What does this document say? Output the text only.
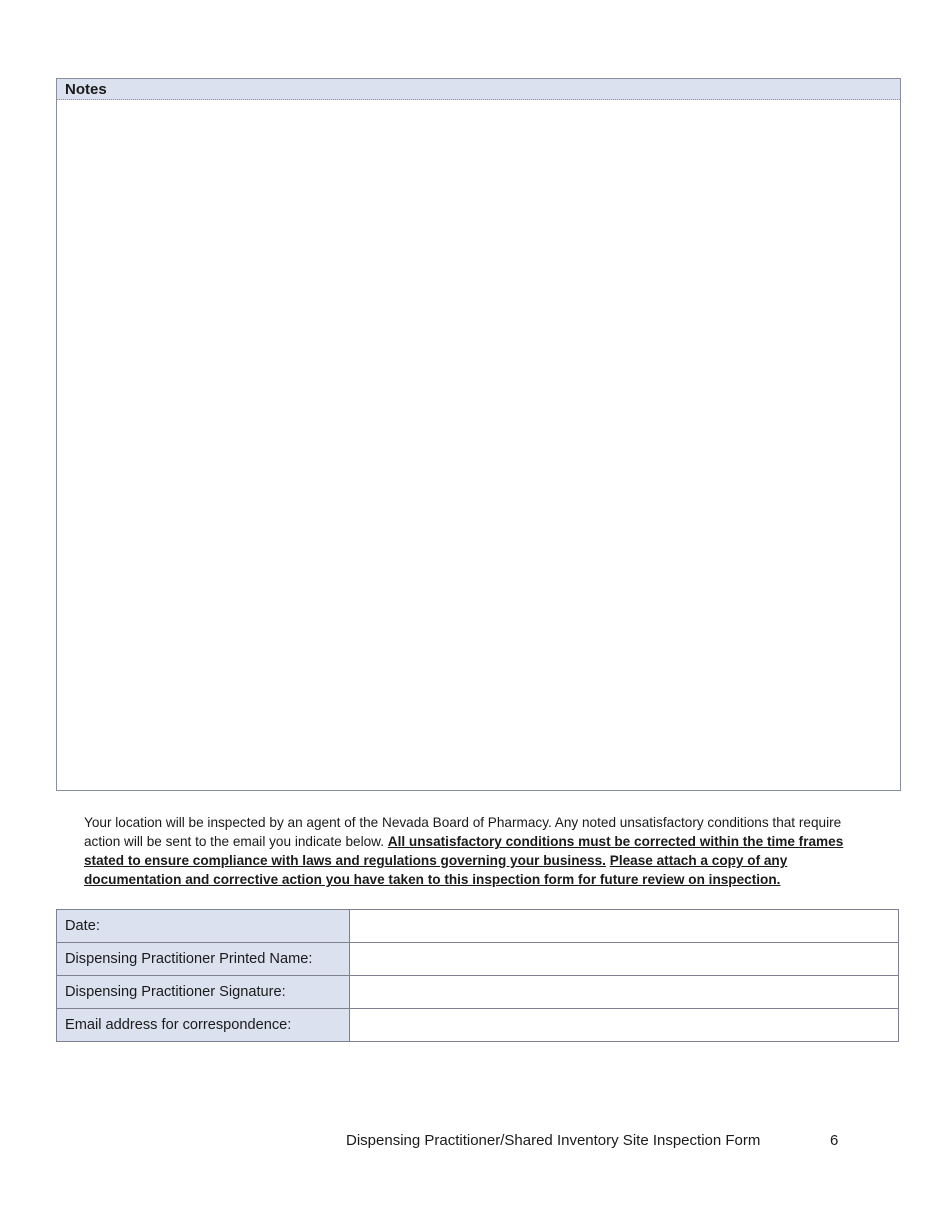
Notes
Your location will be inspected by an agent of the Nevada Board of Pharmacy. Any noted unsatisfactory conditions that require action will be sent to the email you indicate below. All unsatisfactory conditions must be corrected within the time frames stated to ensure compliance with laws and regulations governing your business. Please attach a copy of any documentation and corrective action you have taken to this inspection form for future review on inspection.
Date:	
Dispensing Practitioner Printed Name:	
Dispensing Practitioner Signature:	
Email address for correspondence:	
Dispensing Practitioner/Shared Inventory Site Inspection Form	6
